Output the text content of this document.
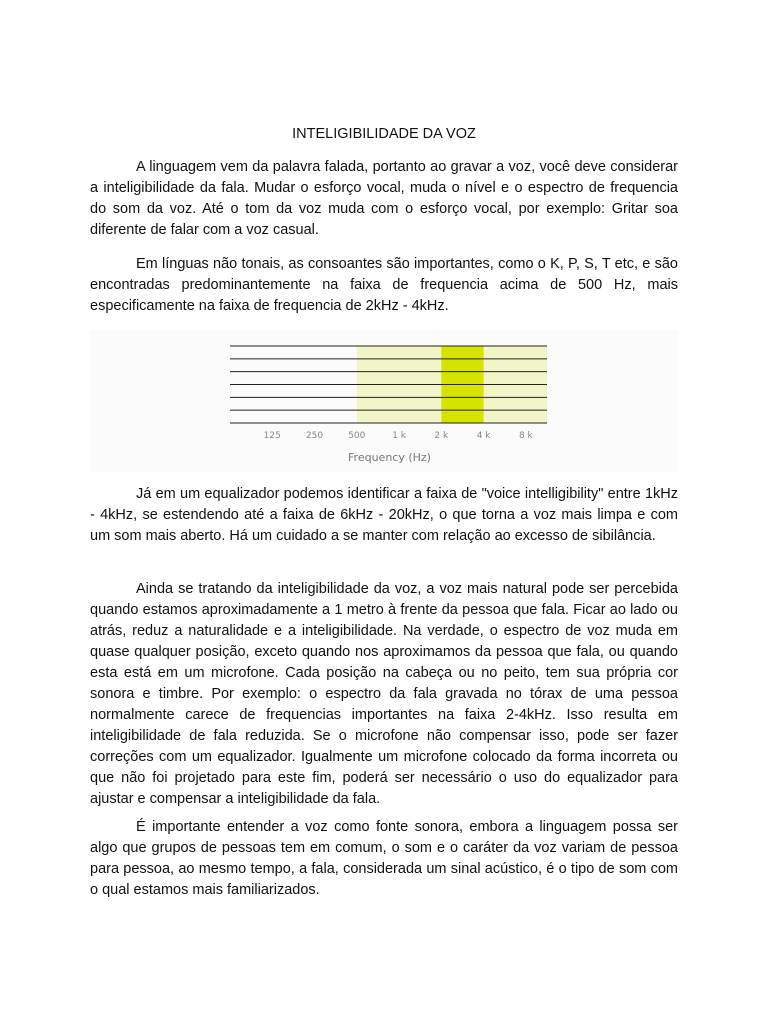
INTELIGIBILIDADE DA VOZ

A linguagem vem da palavra falada, portanto ao gravar a voz, você deve considerar a inteligibilidade da fala. Mudar o esforço vocal, muda o nível e o espectro de frequencia do som da voz. Até o tom da voz muda com o esforço vocal, por exemplo: Gritar soa diferente de falar com a voz casual.

Em línguas não tonais, as consoantes são importantes, como o K, P, S, T etc, e são encontradas predominantemente na faixa de frequencia acima de 500 Hz, mais especificamente na faixa de frequencia de 2kHz - 4kHz.

125	250	500	1 k	2 k	4 k	8 k
Frequency (Hz)

Já em um equalizador podemos identificar a faixa de "voice intelligibility" entre 1kHz - 4kHz, se estendendo até a faixa de 6kHz - 20kHz, o que torna a voz mais limpa e com um som mais aberto. Há um cuidado a se manter com relação ao excesso de sibilância.

Ainda se tratando da inteligibilidade da voz, a voz mais natural pode ser percebida quando estamos aproximadamente a 1 metro à frente da pessoa que fala. Ficar ao lado ou atrás, reduz a naturalidade e a inteligibilidade. Na verdade, o espectro de voz muda em quase qualquer posição, exceto quando nos aproximamos da pessoa que fala, ou quando esta está em um microfone. Cada posição na cabeça ou no peito, tem sua própria cor sonora e timbre. Por exemplo: o espectro da fala gravada no tórax de uma pessoa normalmente carece de frequencias importantes na faixa 2-4kHz. Isso resulta em inteligibilidade de fala reduzida. Se o microfone não compensar isso, pode ser fazer correções com um equalizador. Igualmente um microfone colocado da forma incorreta ou que não foi projetado para este fim, poderá ser necessário o uso do equalizador para ajustar e compensar a inteligibilidade da fala.

É importante entender a voz como fonte sonora, embora a linguagem possa ser algo que grupos de pessoas tem em comum, o som e o caráter da voz variam de pessoa para pessoa, ao mesmo tempo, a fala, considerada um sinal acústico, é o tipo de som com o qual estamos mais familiarizados.
